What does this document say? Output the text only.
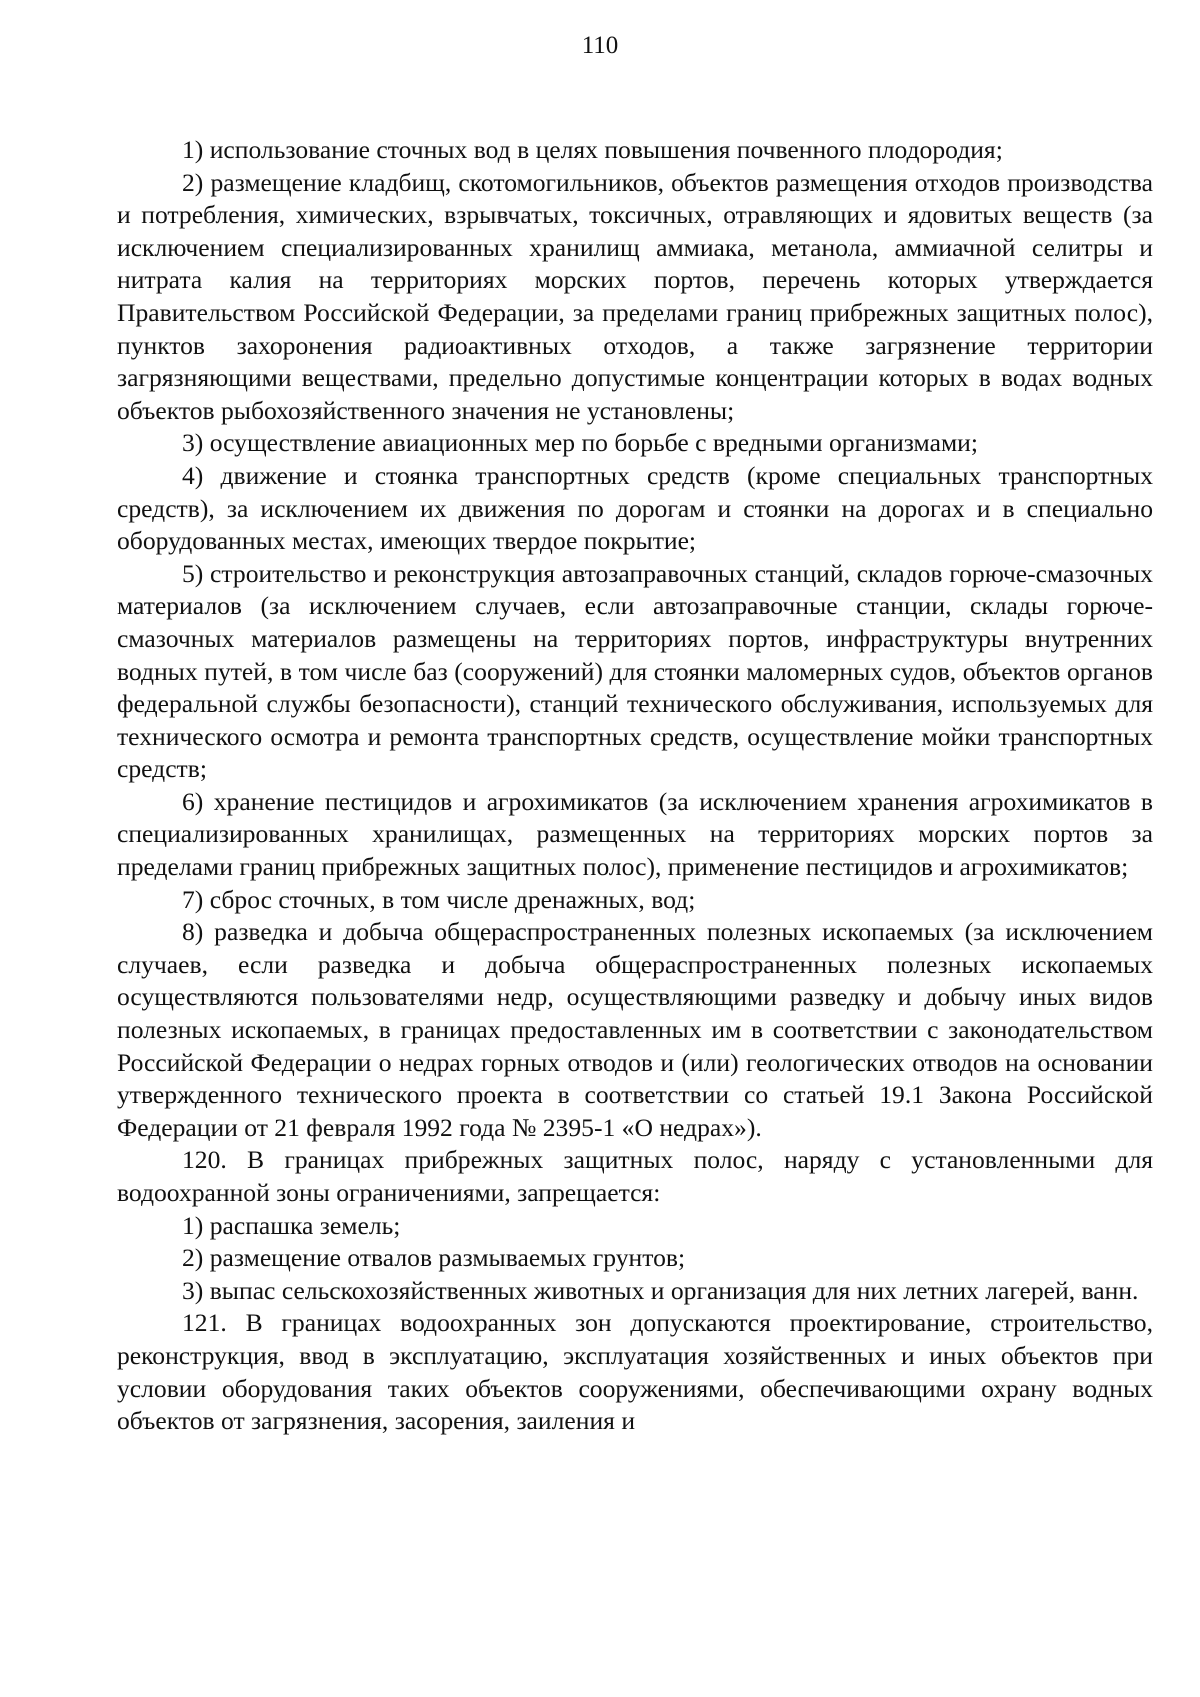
110

1) использование сточных вод в целях повышения почвенного плодородия;

2) размещение кладбищ, скотомогильников, объектов размещения отходов производства и потребления, химических, взрывчатых, токсичных, отравляющих и ядовитых веществ (за исключением специализированных хранилищ аммиака, метанола, аммиачной селитры и нитрата калия на территориях морских портов, перечень которых утверждается Правительством Российской Федерации, за пределами границ прибрежных защитных полос), пунктов захоронения радиоактивных отходов, а также загрязнение территории загрязняющими веществами, предельно допустимые концентрации которых в водах водных объектов рыбохозяйственного значения не установлены;

3) осуществление авиационных мер по борьбе с вредными организмами;

4) движение и стоянка транспортных средств (кроме специальных транспортных средств), за исключением их движения по дорогам и стоянки на дорогах и в специально оборудованных местах, имеющих твердое покрытие;

5) строительство и реконструкция автозаправочных станций, складов горюче-смазочных материалов (за исключением случаев, если автозаправочные станции, склады горюче-смазочных материалов размещены на территориях портов, инфраструктуры внутренних водных путей, в том числе баз (сооружений) для стоянки маломерных судов, объектов органов федеральной службы безопасности), станций технического обслуживания, используемых для технического осмотра и ремонта транспортных средств, осуществление мойки транспортных средств;

6) хранение пестицидов и агрохимикатов (за исключением хранения агрохимикатов в специализированных хранилищах, размещенных на территориях морских портов за пределами границ прибрежных защитных полос), применение пестицидов и агрохимикатов;

7) сброс сточных, в том числе дренажных, вод;

8) разведка и добыча общераспространенных полезных ископаемых (за исключением случаев, если разведка и добыча общераспространенных полезных ископаемых осуществляются пользователями недр, осуществляющими разведку и добычу иных видов полезных ископаемых, в границах предоставленных им в соответствии с законодательством Российской Федерации о недрах горных отводов и (или) геологических отводов на основании утвержденного технического проекта в соответствии со статьей 19.1 Закона Российской Федерации от 21 февраля 1992 года № 2395-1 «О недрах»).

120. В границах прибрежных защитных полос, наряду с установленными для водоохранной зоны ограничениями, запрещается:

1) распашка земель;

2) размещение отвалов размываемых грунтов;

3) выпас сельскохозяйственных животных и организация для них летних лагерей, ванн.

121. В границах водоохранных зон допускаются проектирование, строительство, реконструкция, ввод в эксплуатацию, эксплуатация хозяйственных и иных объектов при условии оборудования таких объектов сооружениями, обеспечивающими охрану водных объектов от загрязнения, засорения, заиления и
